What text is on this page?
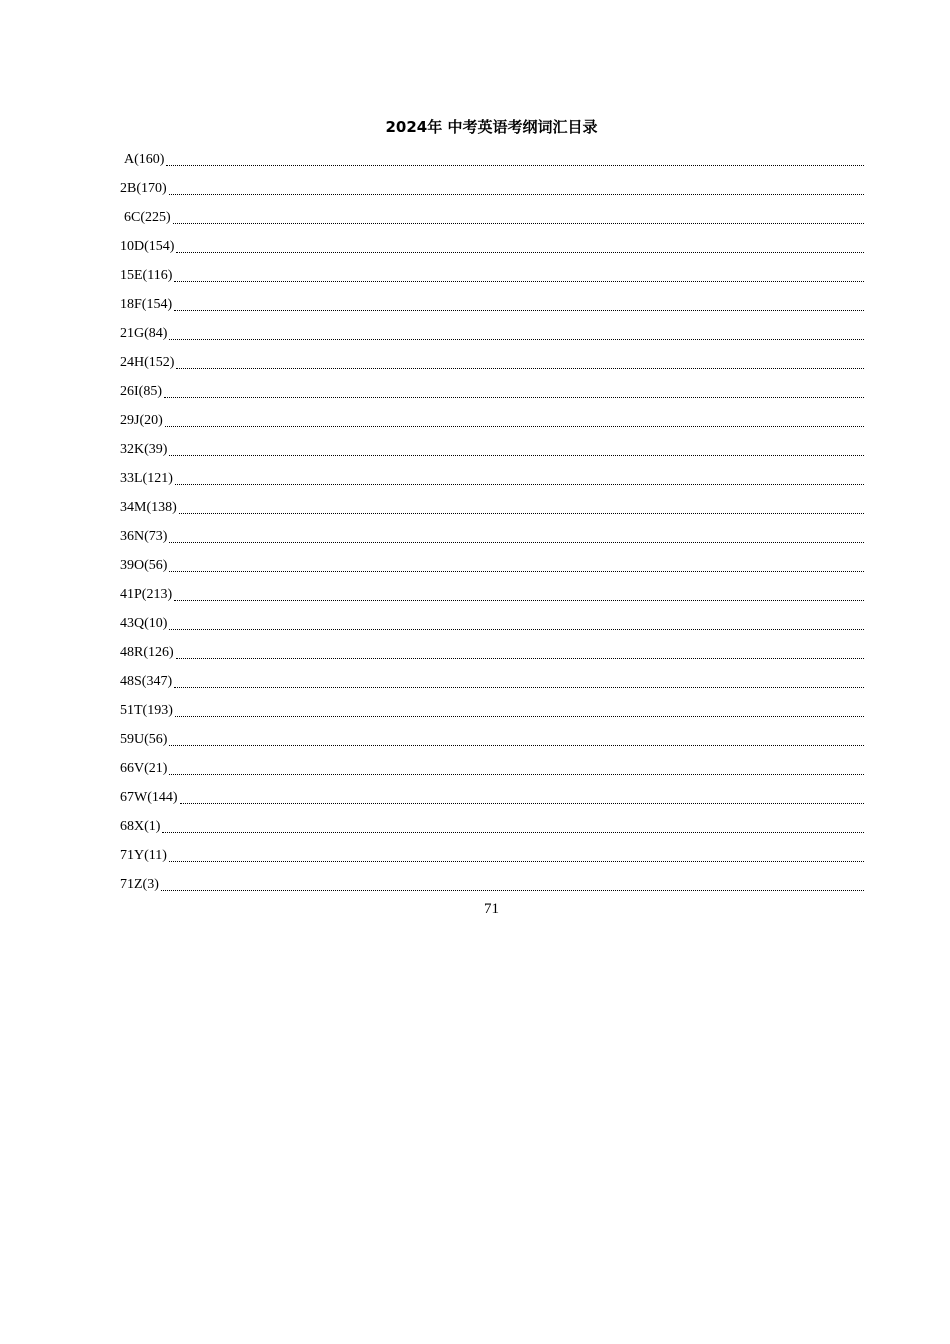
2024年 中考英语考纲词汇目录
A(160)
2B(170)
6C(225)
10D(154)
15E(116)
18F(154)
21G(84)
24H(152)
26I(85)
29J(20)
32K(39)
33L(121)
34M(138)
36N(73)
39O(56)
41P(213)
43Q(10)
48R(126)
48S(347)
51T(193)
59U(56)
66V(21)
67W(144)
68X(1)
71Y(11)
71Z(3)
71
